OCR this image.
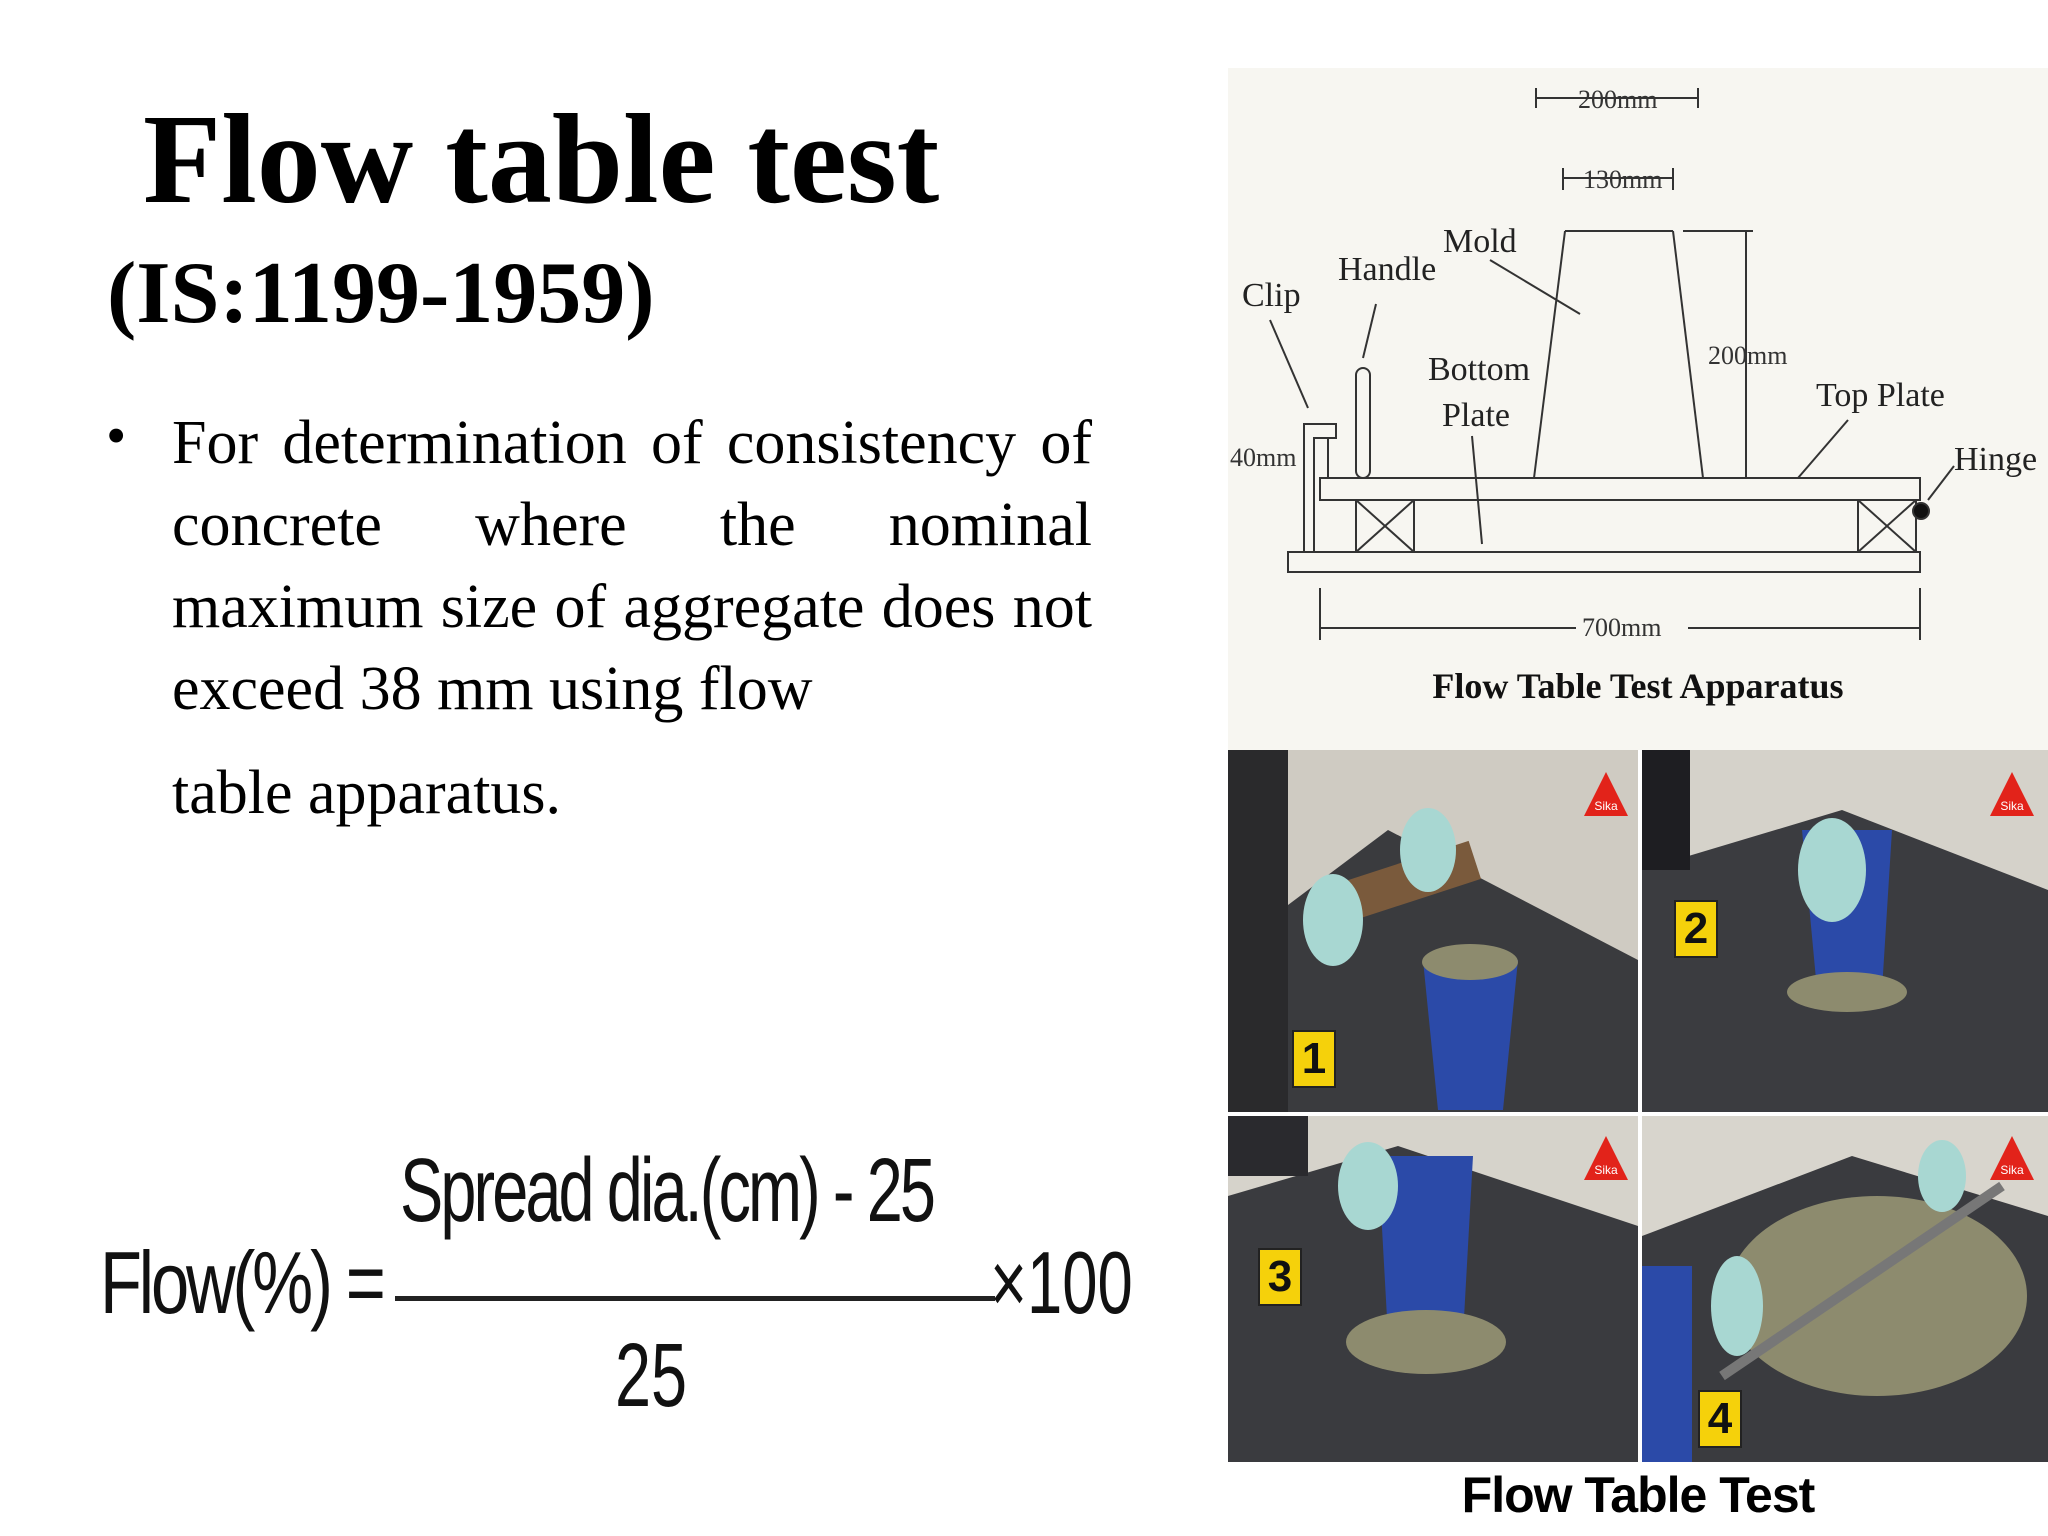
Flow table test
(IS:1199-1959)
• For determination of consistency of concrete where the nominal maximum size of aggregate does not exceed 38 mm using flow
table apparatus.
Flow(%) =
Spread dia.(cm) - 25
25
×100
200mm
130mm
200mm
40mm
700mm
Clip
Handle
Mold
Bottom
Plate
Top Plate
Hinge
Flow Table Test Apparatus
1
2
3
4
Sika	Sika
Sika	Sika
Flow Table Test
